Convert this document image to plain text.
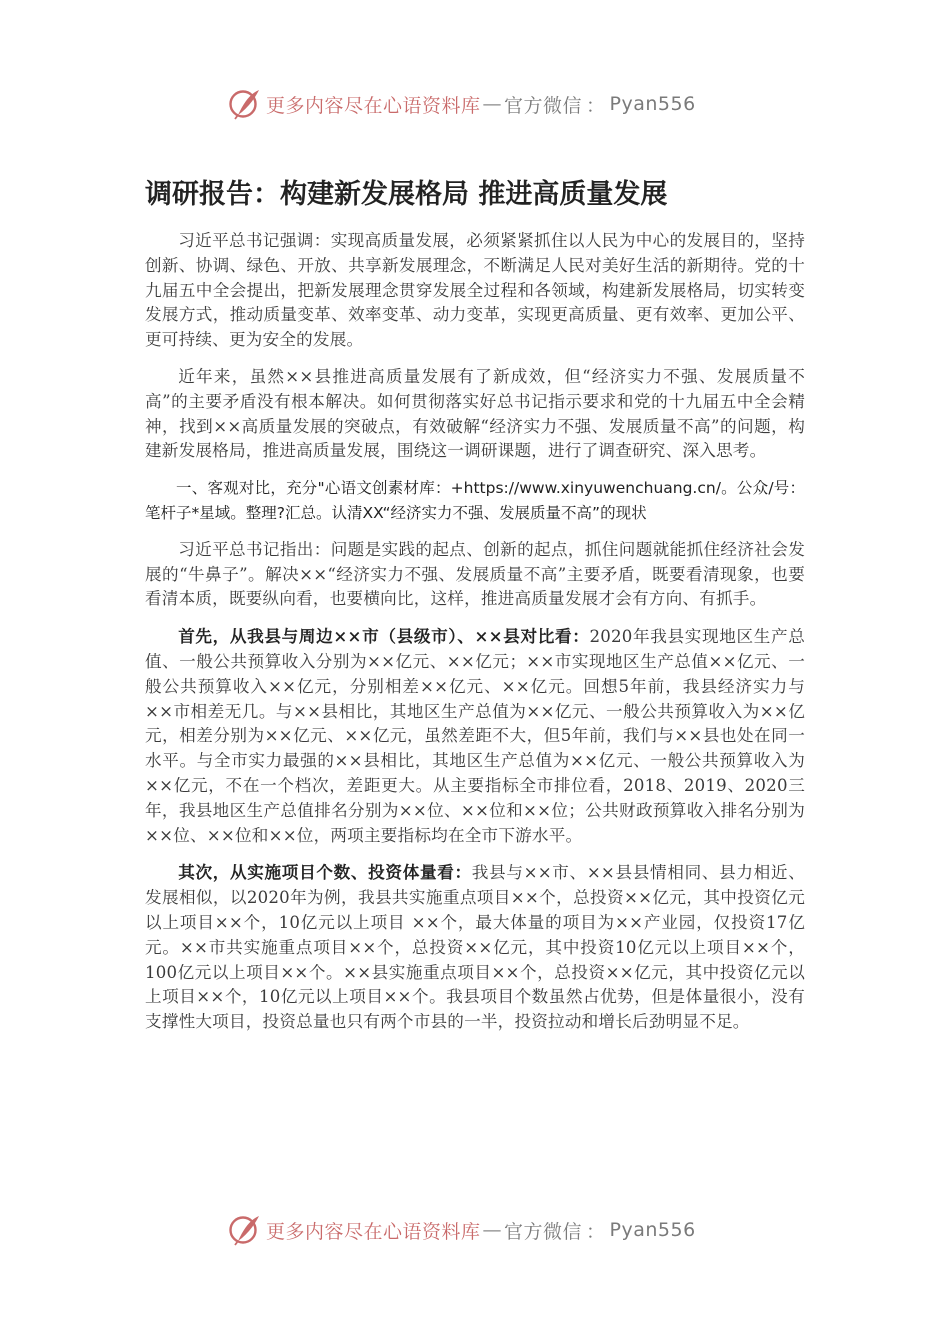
更多内容尽在心语资料库 — 官方微信 ： Pyan556
调研报告：构建新发展格局 推进高质量发展

习近平总书记强调：实现高质量发展，必须紧紧抓住以人民为中心的发展目的，坚持创新、协调、绿色、开放、共享新发展理念，不断满足人民对美好生活的新期待。党的十九届五中全会提出，把新发展理念贯穿发展全过程和各领域，构建新发展格局，切实转变发展方式，推动质量变革、效率变革、动力变革，实现更高质量、更有效率、更加公平、更可持续、更为安全的发展。

近年来，虽然××县推进高质量发展有了新成效，但“经济实力不强、发展质量不高”的主要矛盾没有根本解决。如何贯彻落实好总书记指示要求和党的十九届五中全会精神，找到××高质量发展的突破点，有效破解“经济实力不强、发展质量不高”的问题，构建新发展格局，推进高质量发展，围绕这一调研课题，进行了调查研究、深入思考。

一、客观对比，充分"心语文创素材库：+https://www.xinyuwenchuang.cn/。公众/号：笔杆子*星域。整理?汇总。认清XX“经济实力不强、发展质量不高”的现状

习近平总书记指出：问题是实践的起点、创新的起点，抓住问题就能抓住经济社会发展的“牛鼻子”。解决××“经济实力不强、发展质量不高”主要矛盾，既要看清现象，也要看清本质，既要纵向看，也要横向比，这样，推进高质量发展才会有方向、有抓手。

首先，从我县与周边××市（县级市）、××县对比看：2020年我县实现地区生产总值、一般公共预算收入分别为××亿元、××亿元；××市实现地区生产总值××亿元、一般公共预算收入××亿元，分别相差××亿元、××亿元。回想5年前，我县经济实力与××市相差无几。与××县相比，其地区生产总值为××亿元、一般公共预算收入为××亿元，相差分别为××亿元、××亿元，虽然差距不大，但5年前，我们与××县也处在同一水平。与全市实力最强的××县相比，其地区生产总值为××亿元、一般公共预算收入为××亿元，不在一个档次，差距更大。从主要指标全市排位看，2018、2019、2020三年，我县地区生产总值排名分别为××位、××位和××位；公共财政预算收入排名分别为××位、××位和××位，两项主要指标均在全市下游水平。

其次，从实施项目个数、投资体量看：我县与××市、××县县情相同、县力相近、发展相似，以2020年为例，我县共实施重点项目××个，总投资××亿元，其中投资亿元以上项目××个，10亿元以上项目 ××个，最大体量的项目为××产业园，仅投资17亿元。××市共实施重点项目××个，总投资××亿元，其中投资10亿元以上项目××个，100亿元以上项目××个。××县实施重点项目××个，总投资××亿元，其中投资亿元以上项目××个，10亿元以上项目××个。我县项目个数虽然占优势，但是体量很小，没有支撑性大项目，投资总量也只有两个市县的一半，投资拉动和增长后劲明显不足。

更多内容尽在心语资料库 — 官方微信 ： Pyan556
